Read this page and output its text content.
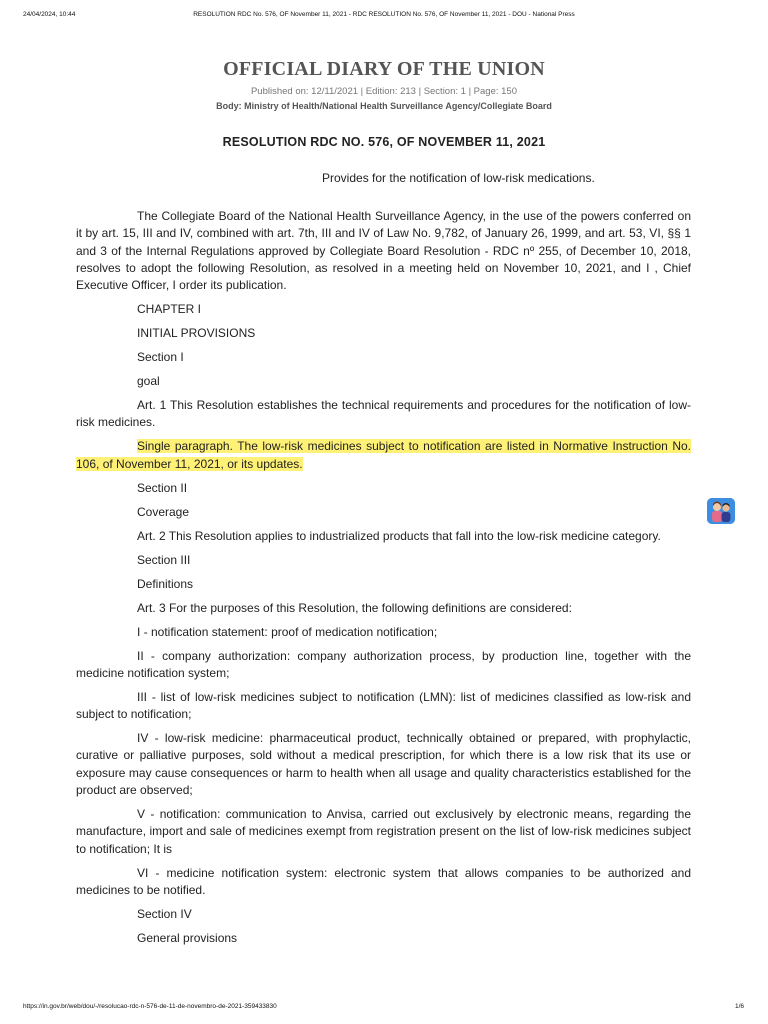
24/04/2024, 10:44	RESOLUTION RDC No. 576, OF November 11, 2021 - RDC RESOLUTION No. 576, OF November 11, 2021 - DOU - National Press
OFFICIAL DIARY OF THE UNION
Published on: 12/11/2021 | Edition: 213 | Section: 1 | Page: 150
Body: Ministry of Health/National Health Surveillance Agency/Collegiate Board
RESOLUTION RDC NO. 576, OF NOVEMBER 11, 2021
Provides for the notification of low-risk medications.

The Collegiate Board of the National Health Surveillance Agency, in the use of the powers conferred on it by art. 15, III and IV, combined with art. 7th, III and IV of Law No. 9,782, of January 26, 1999, and art. 53, VI, §§ 1 and 3 of the Internal Regulations approved by Collegiate Board Resolution - RDC nº 255, of December 10, 2018, resolves to adopt the following Resolution, as resolved in a meeting held on November 10, 2021, and I , Chief Executive Officer, I order its publication.

CHAPTER I

INITIAL PROVISIONS

Section I

goal

Art. 1 This Resolution establishes the technical requirements and procedures for the notification of low-risk medicines.

Single paragraph. The low-risk medicines subject to notification are listed in Normative Instruction No. 106, of November 11, 2021, or its updates.

Section II

Coverage

Art. 2 This Resolution applies to industrialized products that fall into the low-risk medicine category.

Section III

Definitions

Art. 3 For the purposes of this Resolution, the following definitions are considered:

I - notification statement: proof of medication notification;

II - company authorization: company authorization process, by production line, together with the medicine notification system;

III - list of low-risk medicines subject to notification (LMN): list of medicines classified as low-risk and subject to notification;

IV - low-risk medicine: pharmaceutical product, technically obtained or prepared, with prophylactic, curative or palliative purposes, sold without a medical prescription, for which there is a low risk that its use or exposure may cause consequences or harm to health when all usage and quality characteristics established for the product are observed;

V - notification: communication to Anvisa, carried out exclusively by electronic means, regarding the manufacture, import and sale of medicines exempt from registration present on the list of low-risk medicines subject to notification; It is

VI - medicine notification system: electronic system that allows companies to be authorized and medicines to be notified.

Section IV

General provisions

https://in.gov.br/web/dou/-/resolucao-rdc-n-576-de-11-de-novembro-de-2021-359433830	1/6
